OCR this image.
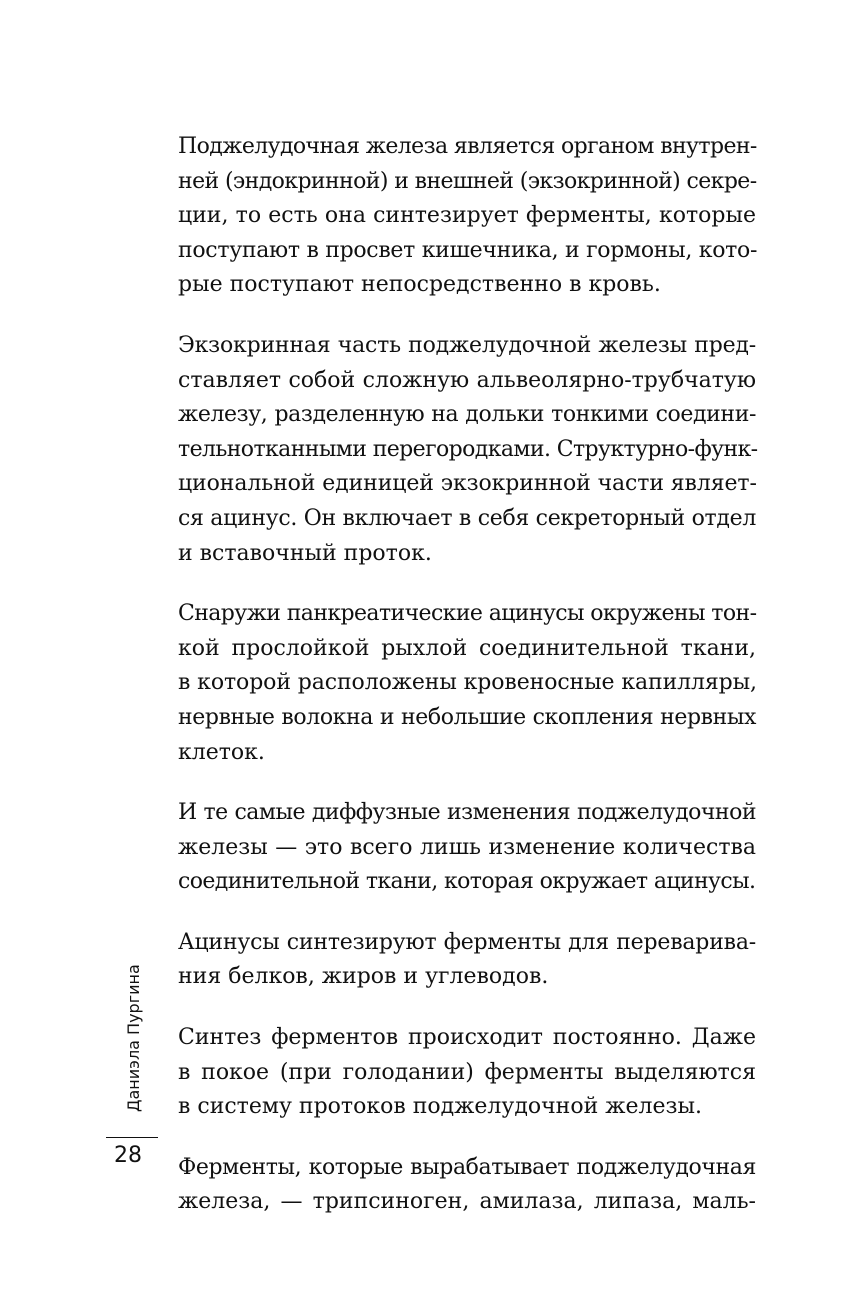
Поджелудочная железа является органом внутрен-
ней (эндокринной) и внешней (экзокринной) секре-
ции, то есть она синтезирует ферменты, которые
поступают в просвет кишечника, и гормоны, кото-
рые поступают непосредственно в кровь.

Экзокринная часть поджелудочной железы пред-
ставляет собой сложную альвеолярно-трубчатую
железу, разделенную на дольки тонкими соедини-
тельнотканными перегородками. Структурно-функ-
циональной единицей экзокринной части являет-
ся ацинус. Он включает в себя секреторный отдел
и вставочный проток.

Снаружи панкреатические ацинусы окружены тон-
кой прослойкой рыхлой соединительной ткани,
в которой расположены кровеносные капилляры,
нервные волокна и небольшие скопления нервных
клеток.

И те самые диффузные изменения поджелудочной
железы — это всего лишь изменение количества
соединительной ткани, которая окружает ацинусы.

Ацинусы синтезируют ферменты для переварива-
ния белков, жиров и углеводов.

Синтез ферментов происходит постоянно. Даже
в покое (при голодании) ферменты выделяются
в систему протоков поджелудочной железы.

Ферменты, которые вырабатывает поджелудочная
железа, — трипсиноген, амилаза, липаза, маль-

Даниэла Пургина
28
